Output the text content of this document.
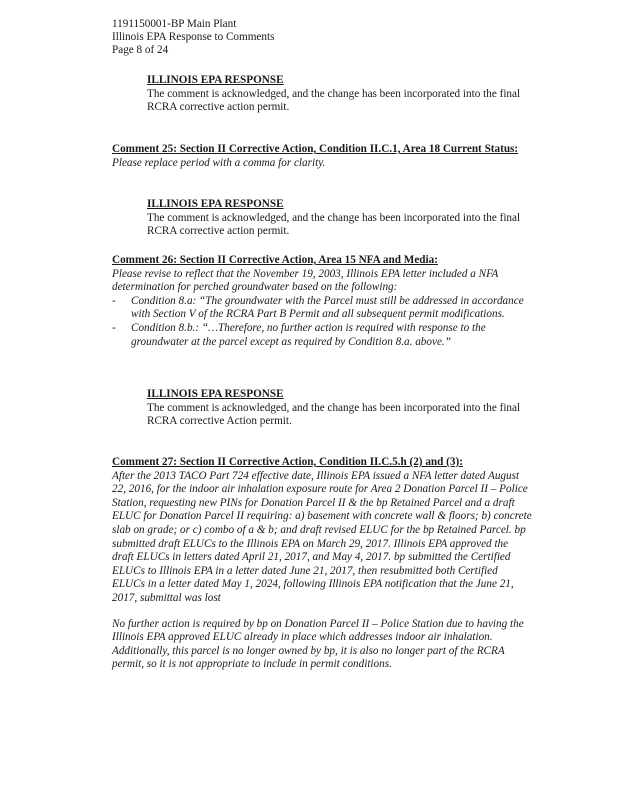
1191150001-BP Main Plant
Illinois EPA Response to Comments
Page 8 of 24
ILLINOIS EPA RESPONSE

The comment is acknowledged, and the change has been incorporated into the final RCRA corrective action permit.

Comment 25: Section II Corrective Action, Condition II.C.1, Area 18 Current Status:

Please replace period with a comma for clarity.

ILLINOIS EPA RESPONSE

The comment is acknowledged, and the change has been incorporated into the final RCRA corrective action permit.

Comment 26: Section II Corrective Action, Area 15 NFA and Media:

Please revise to reflect that the November 19, 2003, Illinois EPA letter included a NFA determination for perched groundwater based on the following:

- Condition 8.a: “The groundwater with the Parcel must still be addressed in accordance with Section V of the RCRA Part B Permit and all subsequent permit modifications.
- Condition 8.b.: “…Therefore, no further action is required with response to the groundwater at the parcel except as required by Condition 8.a. above.”
ILLINOIS EPA RESPONSE

The comment is acknowledged, and the change has been incorporated into the final RCRA corrective Action permit.

Comment 27: Section II Corrective Action, Condition II.C.5.h (2) and (3):

After the 2013 TACO Part 724 effective date, Illinois EPA issued a NFA letter dated August 22, 2016, for the indoor air inhalation exposure route for Area 2 Donation Parcel II – Police Station, requesting new PINs for Donation Parcel II & the bp Retained Parcel and a draft ELUC for Donation Parcel II requiring: a) basement with concrete wall & floors; b) concrete slab on grade; or c) combo of a & b; and draft revised ELUC for the bp Retained Parcel. bp submitted draft ELUCs to the Illinois EPA on March 29, 2017. Illinois EPA approved the draft ELUCs in letters dated April 21, 2017, and May 4, 2017. bp submitted the Certified ELUCs to Illinois EPA in a letter dated June 21, 2017, then resubmitted both Certified ELUCs in a letter dated May 1, 2024, following Illinois EPA notification that the June 21, 2017, submittal was lost

No further action is required by bp on Donation Parcel II – Police Station due to having the Illinois EPA approved ELUC already in place which addresses indoor air inhalation. Additionally, this parcel is no longer owned by bp, it is also no longer part of the RCRA permit, so it is not appropriate to include in permit conditions.
